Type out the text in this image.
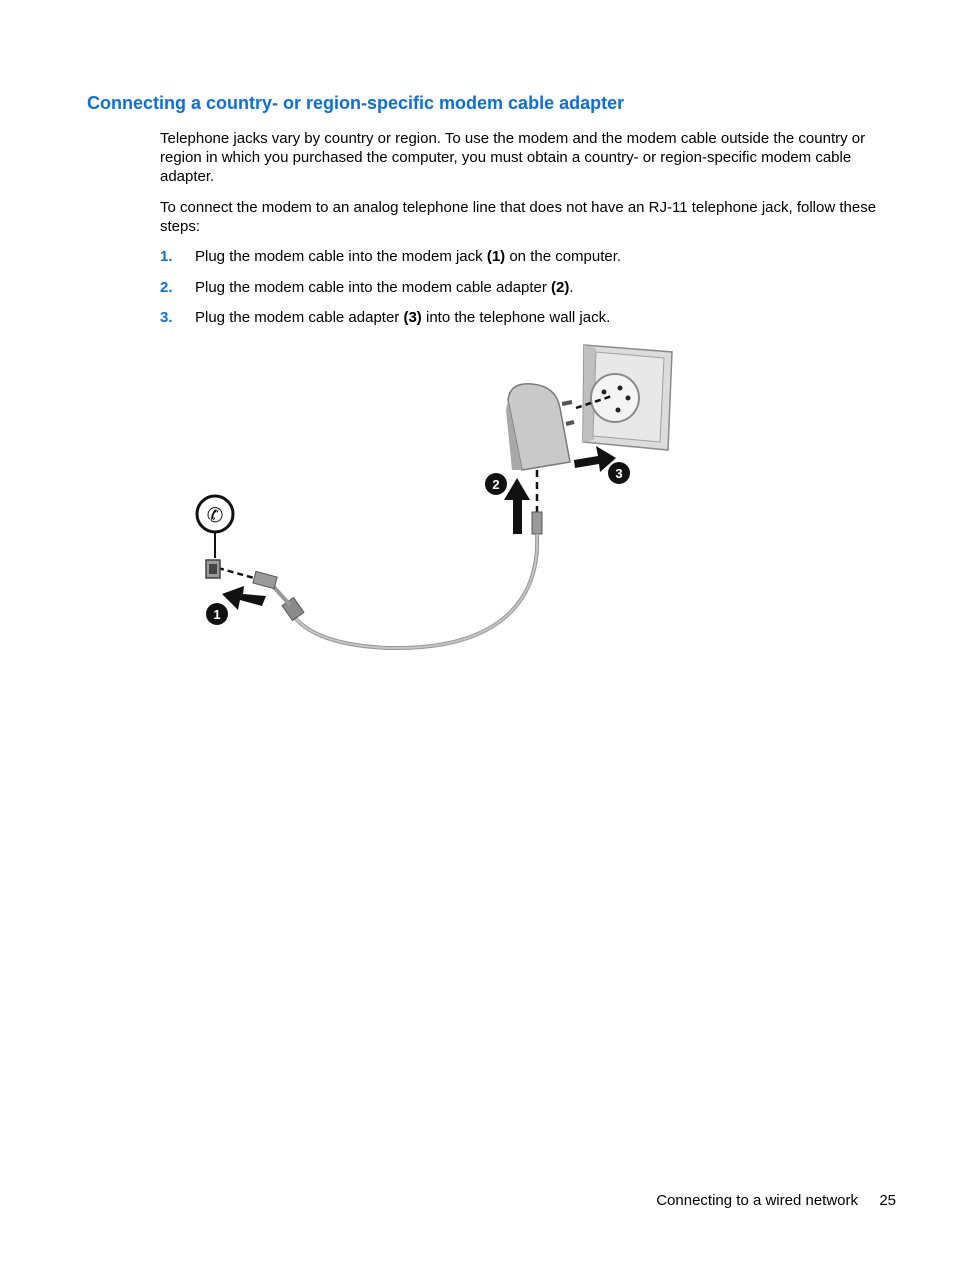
Connecting a country- or region-specific modem cable adapter

Telephone jacks vary by country or region. To use the modem and the modem cable outside the country or region in which you purchased the computer, you must obtain a country- or region-specific modem cable adapter.

To connect the modem to an analog telephone line that does not have an RJ-11 telephone jack, follow these steps:

1. Plug the modem cable into the modem jack (1) on the computer.
2. Plug the modem cable into the modem cable adapter (2).
3. Plug the modem cable adapter (3) into the telephone wall jack.
3
2
✆
1
Connecting to a wired network 25
